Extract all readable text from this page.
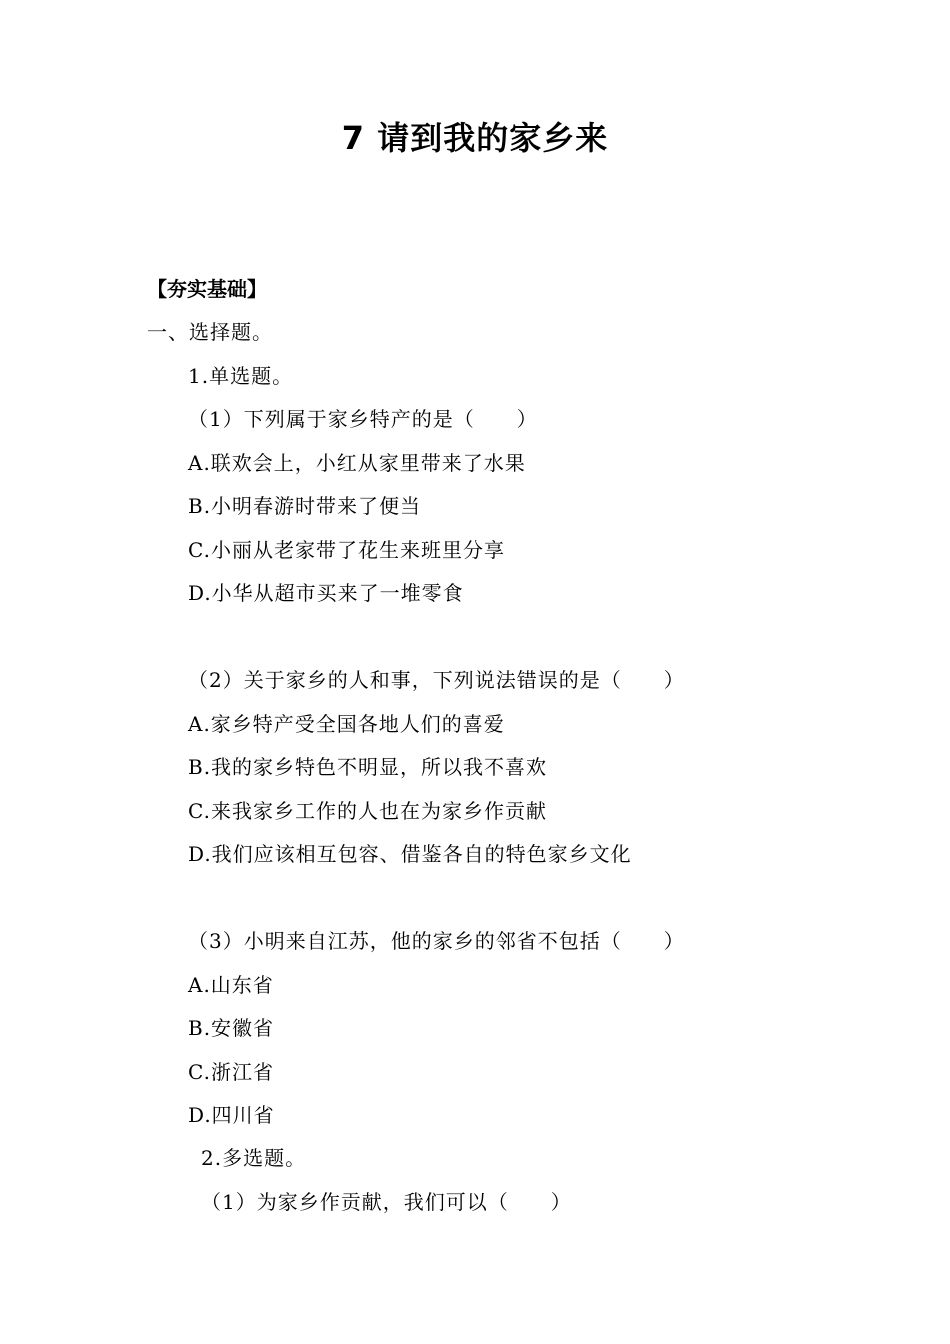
7 请到我的家乡来
【夯实基础】
一、选择题。
1.单选题。
（1）下列属于家乡特产的是（　　）
A.联欢会上，小红从家里带来了水果
B.小明春游时带来了便当
C.小丽从老家带了花生来班里分享
D.小华从超市买来了一堆零食
（2）关于家乡的人和事，下列说法错误的是（　　）
A.家乡特产受全国各地人们的喜爱
B.我的家乡特色不明显，所以我不喜欢
C.来我家乡工作的人也在为家乡作贡献
D.我们应该相互包容、借鉴各自的特色家乡文化
（3）小明来自江苏，他的家乡的邻省不包括（　　）
A.山东省
B.安徽省
C.浙江省
D.四川省
2.多选题。
（1）为家乡作贡献，我们可以（　　）
